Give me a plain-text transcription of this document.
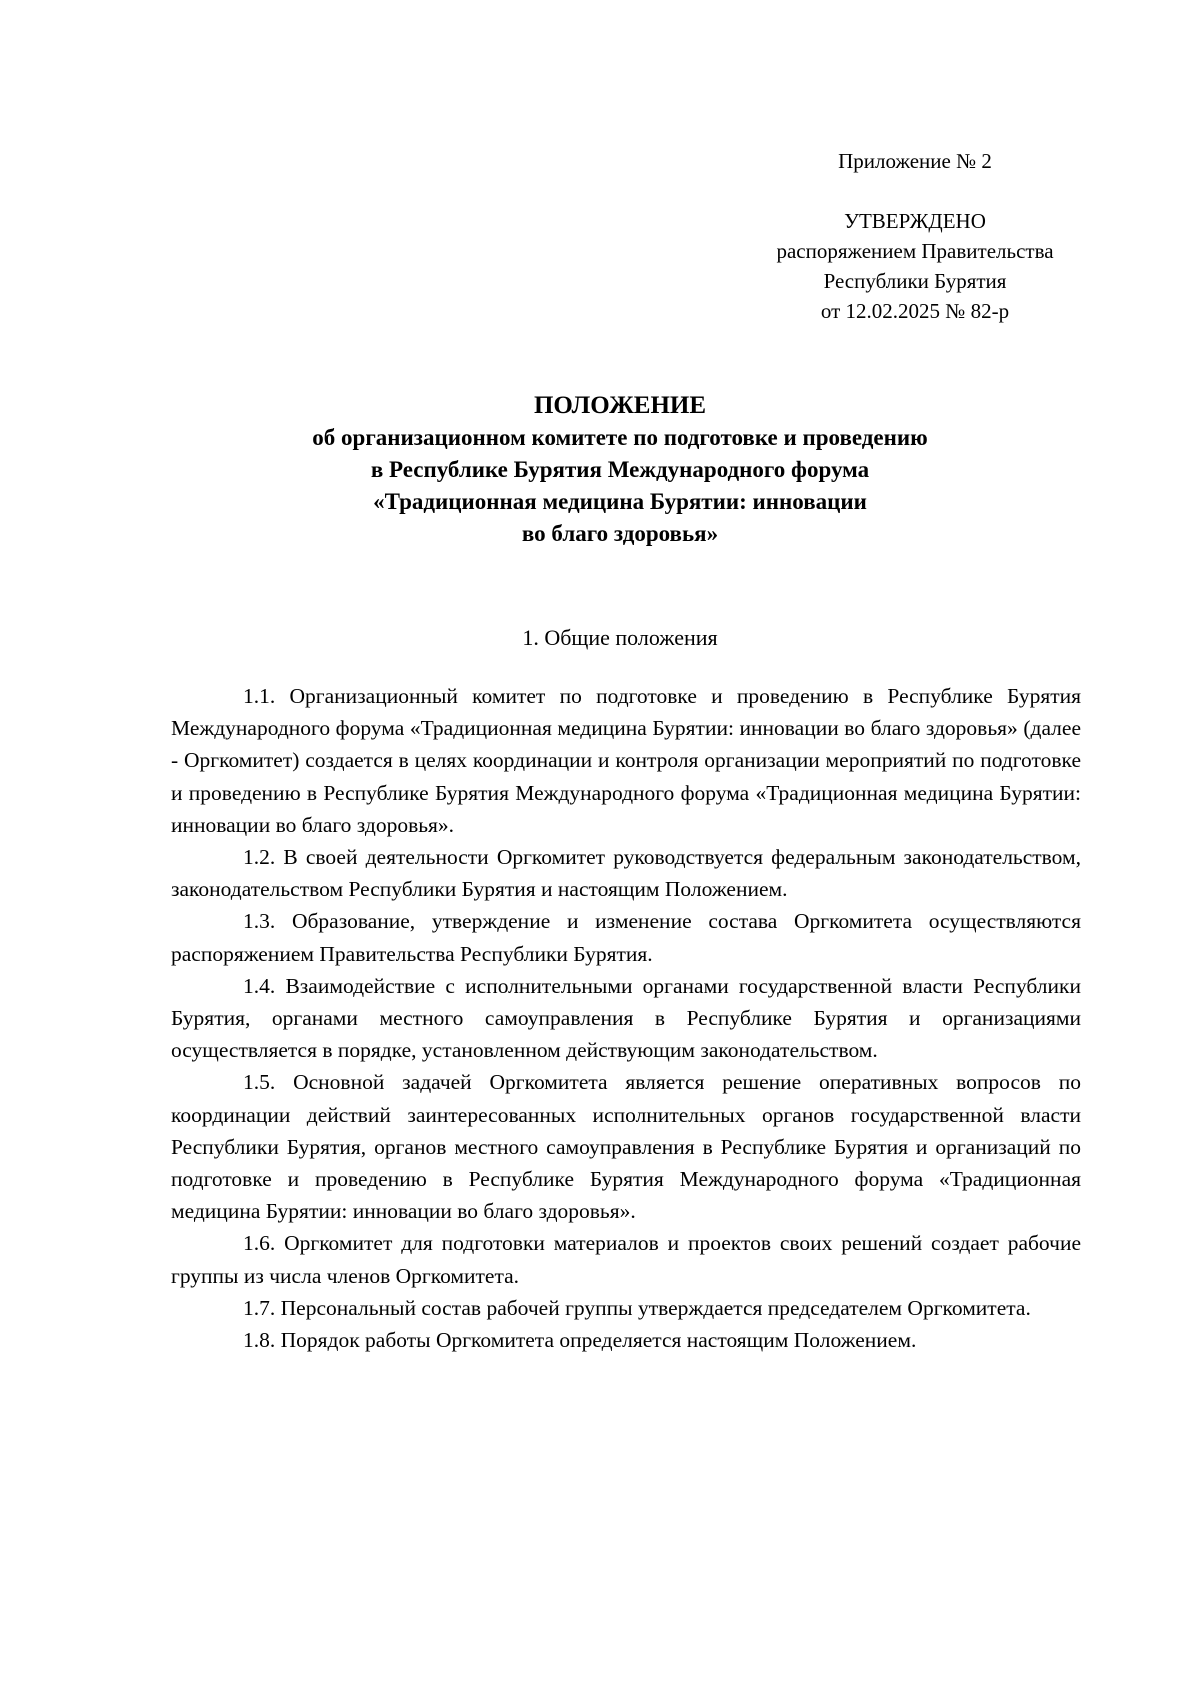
Приложение № 2
УТВЕРЖДЕНО
распоряжением Правительства
Республики Бурятия
от 12.02.2025 № 82-р
ПОЛОЖЕНИЕ
об организационном комитете по подготовке и проведению
в Республике Бурятия Международного форума
«Традиционная медицина Бурятии: инновации
во благо здоровья»
1. Общие положения

1.1. Организационный комитет по подготовке и проведению в Республике Бурятия Международного форума «Традиционная медицина Бурятии: инновации во благо здоровья» (далее - Оргкомитет) создается в целях координации и контроля организации мероприятий по подготовке и проведению в Республике Бурятия Международного форума «Традиционная медицина Бурятии: инновации во благо здоровья».

1.2. В своей деятельности Оргкомитет руководствуется федеральным законодательством, законодательством Республики Бурятия и настоящим Положением.

1.3. Образование, утверждение и изменение состава Оргкомитета осуществляются распоряжением Правительства Республики Бурятия.

1.4. Взаимодействие с исполнительными органами государственной власти Республики Бурятия, органами местного самоуправления в Республике Бурятия и организациями осуществляется в порядке, установленном действующим законодательством.

1.5. Основной задачей Оргкомитета является решение оперативных вопросов по координации действий заинтересованных исполнительных органов государственной власти Республики Бурятия, органов местного самоуправления в Республике Бурятия и организаций по подготовке и проведению в Республике Бурятия Международного форума «Традиционная медицина Бурятии: инновации во благо здоровья».

1.6. Оргкомитет для подготовки материалов и проектов своих решений создает рабочие группы из числа членов Оргкомитета.

1.7. Персональный состав рабочей группы утверждается председателем Оргкомитета.

1.8. Порядок работы Оргкомитета определяется настоящим Положением.
